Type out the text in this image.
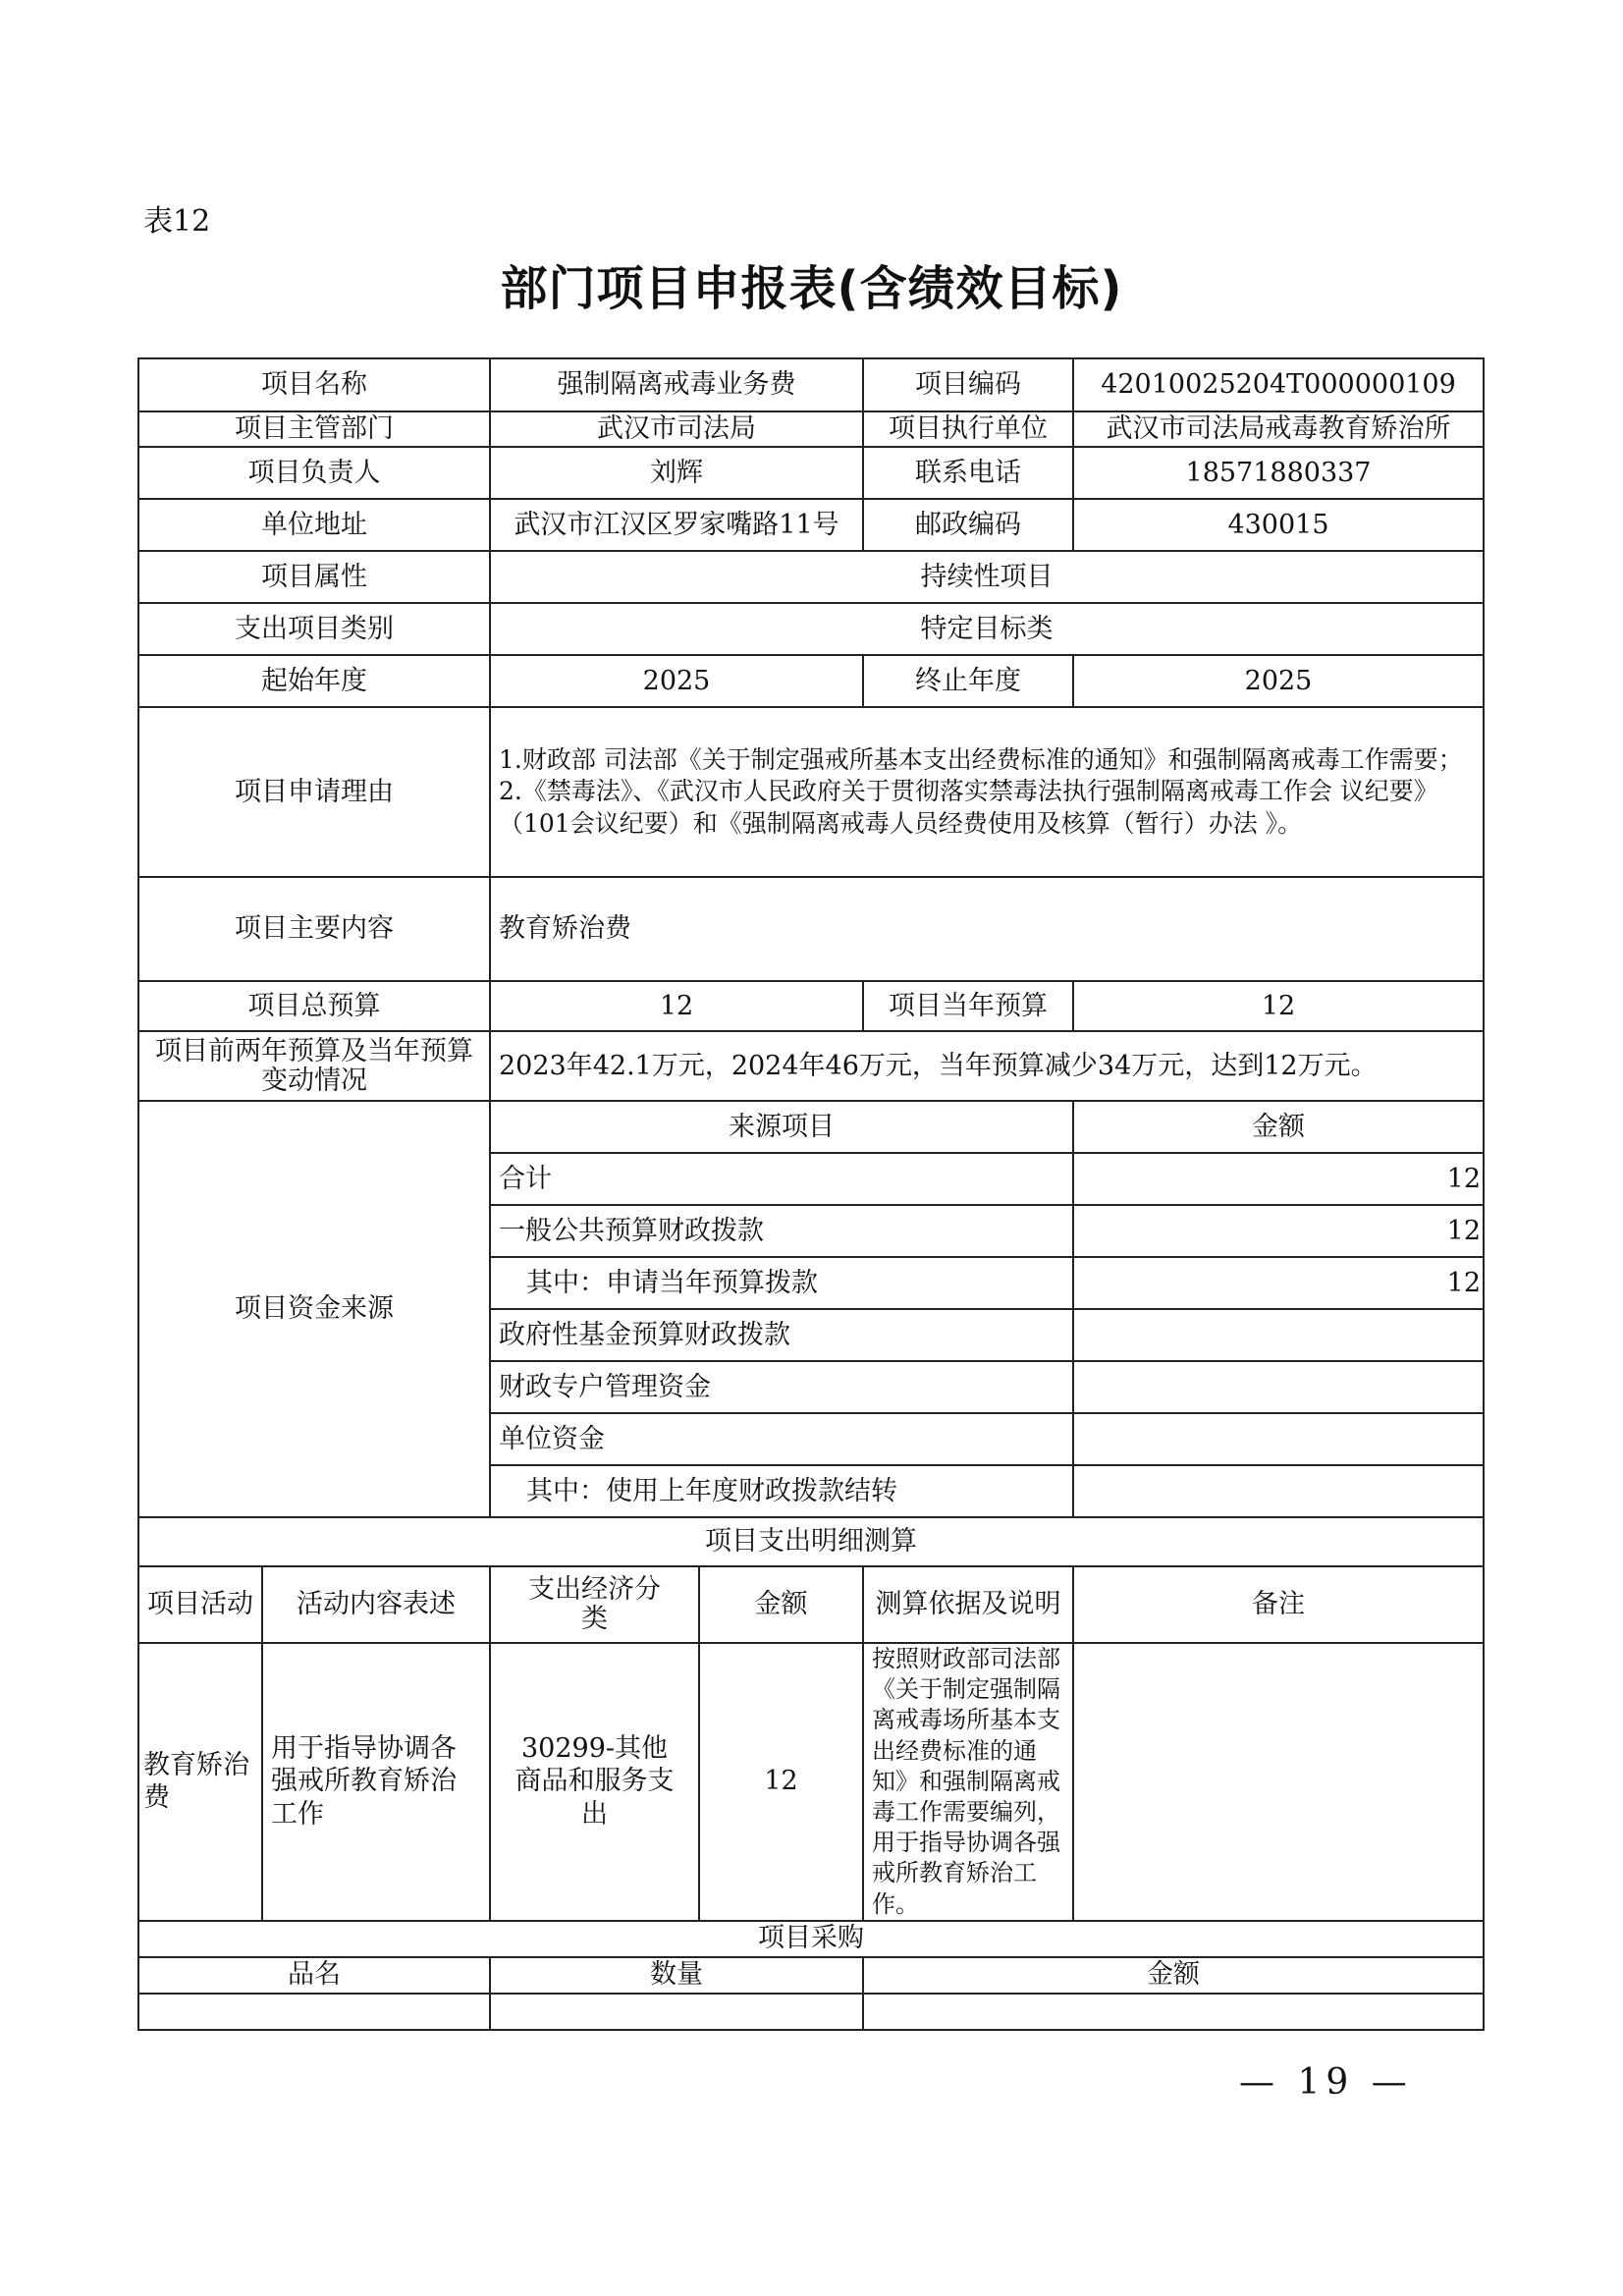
表12
部门项目申报表(含绩效目标)
项目名称		强制隔离戒毒业务费		项目编码	42010025204T000000109
项目主管部门		武汉市司法局		项目执行单位	武汉市司法局戒毒教育矫治所
项目负责人		刘辉		联系电话	18571880337
单位地址		武汉市江汉区罗家嘴路11号		邮政编码	430015
项目属性		持续性项目			
支出项目类别		特定目标类			
起始年度		2025		终止年度	2025
项目申请理由		1.财政部 司法部《关于制定强戒所基本支出经费标准的通知》和强制隔离戒毒工作需要；
2.《禁毒法》、《武汉市人民政府关于贯彻落实禁毒法执行强制隔离戒毒工作会 议纪要》（101会议纪要）和《强制隔离戒毒人员经费使用及核算（暂行）办法 》。			

项目主要内容		教育矫治费			
项目总预算		12		项目当年预算	12
项目前两年预算及当年预算变动情况		2023年42.1万元，2024年46万元，当年预算减少34万元，达到12万元。			
项目资金来源		来源项目			金额
		合计			12
		一般公共预算财政拨款			12
		其中：申请当年预算拨款			12
		政府性基金预算财政拨款			
		财政专户管理资金			
		单位资金			
		其中：使用上年度财政拨款结转			
项目支出明细测算					
项目活动	活动内容表述	支出经济分类	金额	测算依据及说明	备注
教育矫治费	用于指导协调各强戒所教育矫治工作	30299-其他商品和服务支出	12	按照财政部司法部《关于制定强制隔离戒毒场所基本支出经费标准的通知》和强制隔离戒毒工作需要编列，用于指导协调各强戒所教育矫治工作。	
项目采购					
品名		数量		金额	

— 19 —
